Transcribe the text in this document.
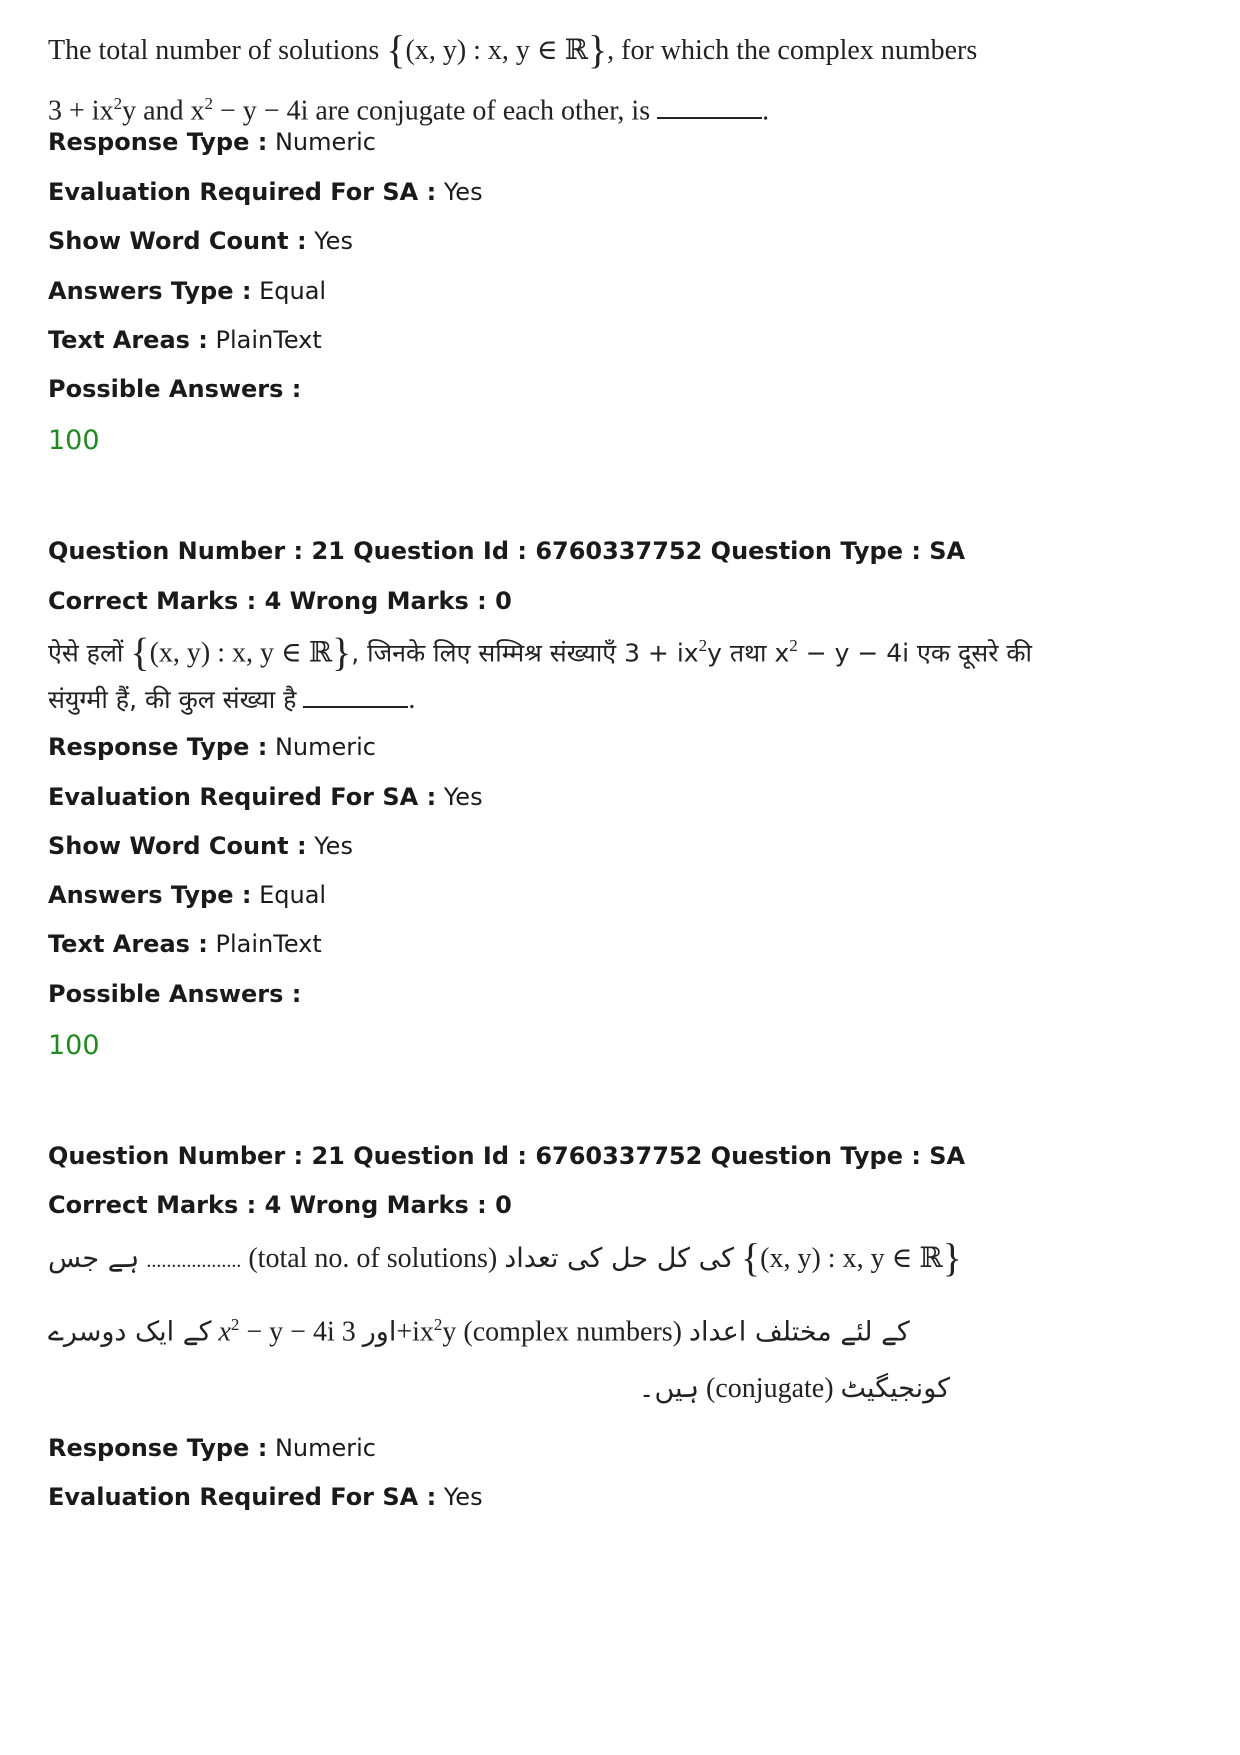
The total number of solutions {(x, y) : x, y ∈ ℝ}, for which the complex numbers
$3 + ix^2y$ and $x^2 - y - 4i$ are conjugate of each other, is	.
Response Type : Numeric
Evaluation Required For SA : Yes
Show Word Count : Yes
Answers Type : Equal
Text Areas : PlainText
Possible Answers :
100
Question Number : 21 Question Id : 6760337752 Question Type : SA
Correct Marks : 4 Wrong Marks : 0
ऐसे हलों {(x, y) : x, y ∈ ℝ}, जिनके लिए सम्मिश्र संख्याएँ $3 + ix^2y$ तथा $x^2 - y - 4i$ एक दूसरे की
संयुग्मी हैं, की कुल संख्या है	.
Response Type : Numeric
Evaluation Required For SA : Yes
Show Word Count : Yes
Answers Type : Equal
Text Areas : PlainText
Possible Answers :
100
Question Number : 21 Question Id : 6760337752 Question Type : SA
Correct Marks : 4 Wrong Marks : 0
ہے جس ................... (total no. of solutions) کی کل حل کی تعداد {(x, y) : x, y ∈ ℝ}
کے ایک دوسرے $x^2 - y - 4i$ اور $3+ix^2y$ (complex numbers) کے لئے مختلف اعداد
ہیں۔ (conjugate) کونجیگیٹ
Response Type : Numeric
Evaluation Required For SA : Yes
